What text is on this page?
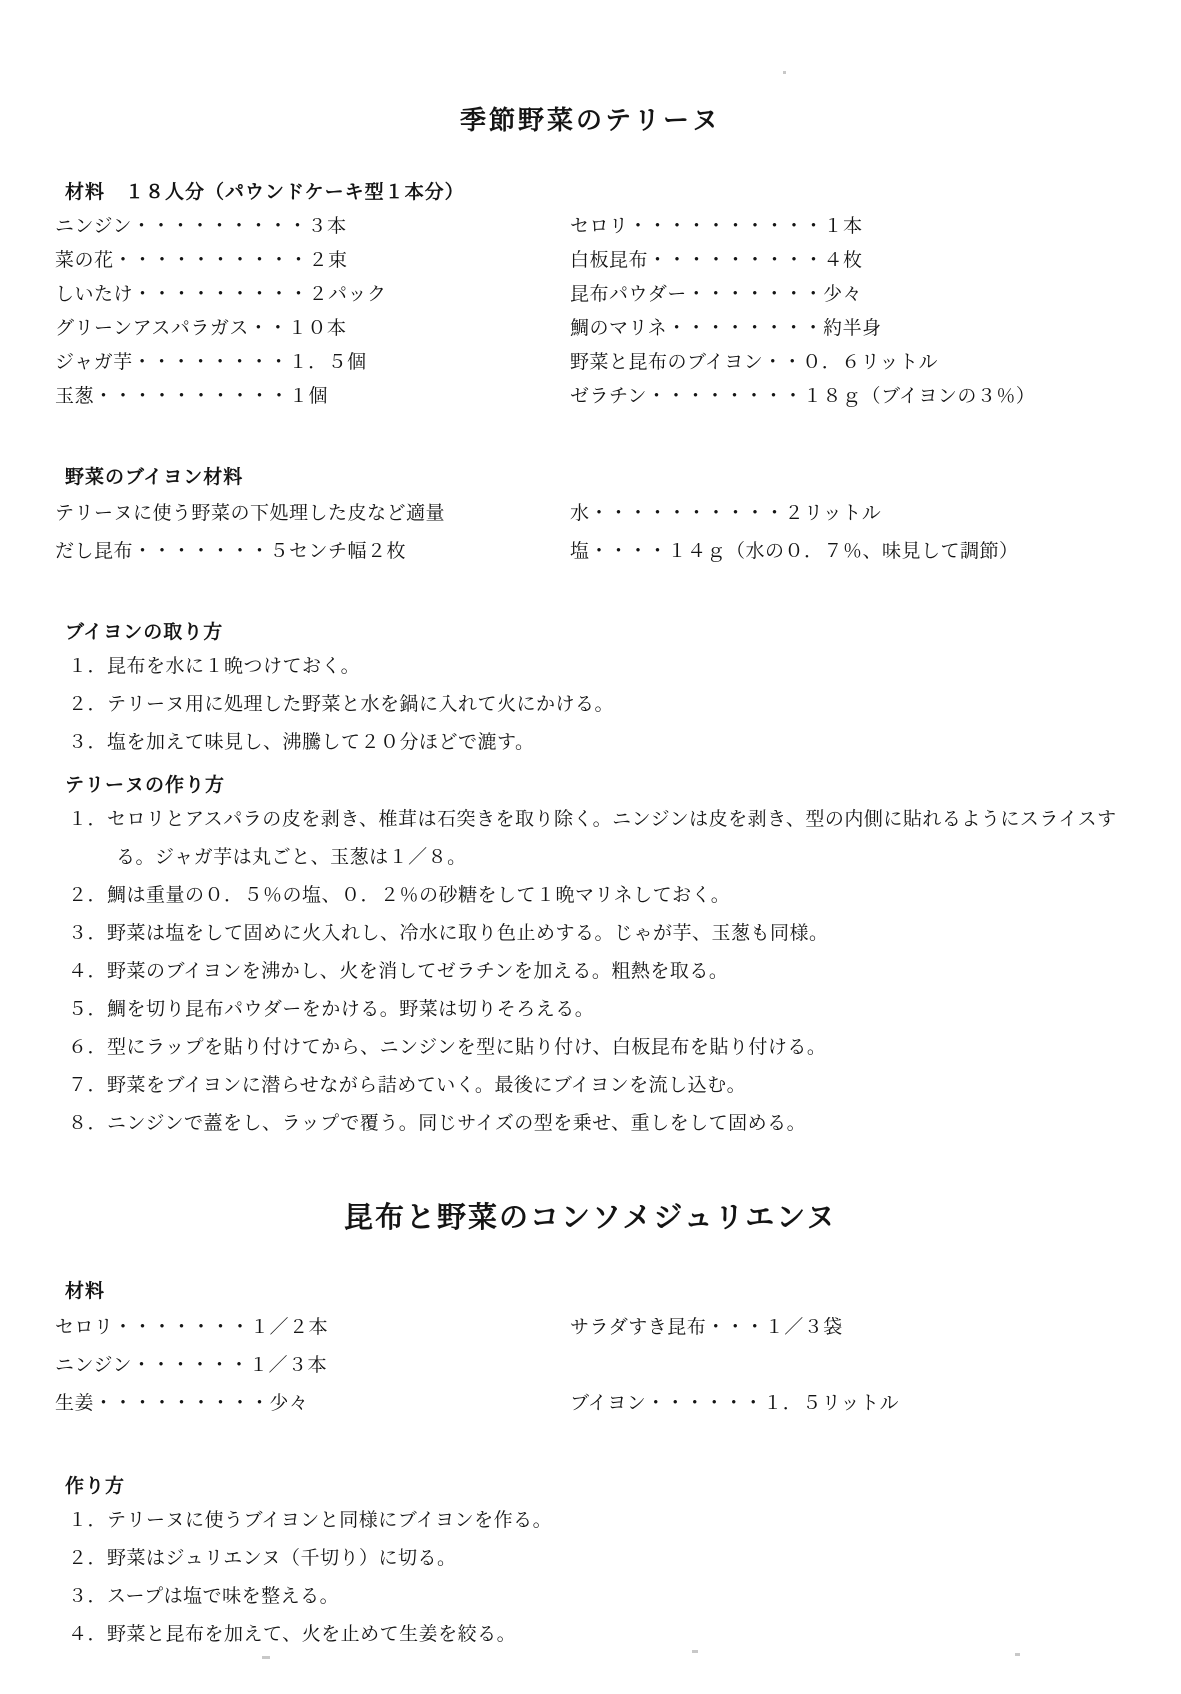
季節野菜のテリーヌ
材料　１８人分（パウンドケーキ型１本分）
ニンジン・・・・・・・・・３本	セロリ・・・・・・・・・・１本
菜の花・・・・・・・・・・２束	白板昆布・・・・・・・・・４枚
しいたけ・・・・・・・・・２パック	昆布パウダー・・・・・・・少々
グリーンアスパラガス・・１０本	鯛のマリネ・・・・・・・・約半身
ジャガ芋・・・・・・・・１．５個	野菜と昆布のブイヨン・・０．６リットル
玉葱・・・・・・・・・・１個	ゼラチン・・・・・・・・１８ｇ（ブイヨンの３％）
野菜のブイヨン材料
テリーヌに使う野菜の下処理した皮など適量	水・・・・・・・・・・２リットル
だし昆布・・・・・・・５センチ幅２枚	塩・・・・１４ｇ（水の０．７％、味見して調節）
ブイヨンの取り方
１．昆布を水に１晩つけておく。
２．テリーヌ用に処理した野菜と水を鍋に入れて火にかける。
３．塩を加えて味見し、沸騰して２０分ほどで漉す。
テリーヌの作り方
１．セロリとアスパラの皮を剥き、椎茸は石突きを取り除く。ニンジンは皮を剥き、型の内側に貼れるようにスライスする。ジャガ芋は丸ごと、玉葱は１／８。
２．鯛は重量の０．５％の塩、０．２％の砂糖をして１晩マリネしておく。
３．野菜は塩をして固めに火入れし、冷水に取り色止めする。じゃが芋、玉葱も同様。
４．野菜のブイヨンを沸かし、火を消してゼラチンを加える。粗熱を取る。
５．鯛を切り昆布パウダーをかける。野菜は切りそろえる。
６．型にラップを貼り付けてから、ニンジンを型に貼り付け、白板昆布を貼り付ける。
７．野菜をブイヨンに潜らせながら詰めていく。最後にブイヨンを流し込む。
８．ニンジンで蓋をし、ラップで覆う。同じサイズの型を乗せ、重しをして固める。
昆布と野菜のコンソメジュリエンヌ
材料
セロリ・・・・・・・１／２本	サラダすき昆布・・・１／３袋
ニンジン・・・・・・１／３本
生姜・・・・・・・・・少々	ブイヨン・・・・・・１．５リットル
作り方
１．テリーヌに使うブイヨンと同様にブイヨンを作る。
２．野菜はジュリエンヌ（千切り）に切る。
３．スープは塩で味を整える。
４．野菜と昆布を加えて、火を止めて生姜を絞る。
